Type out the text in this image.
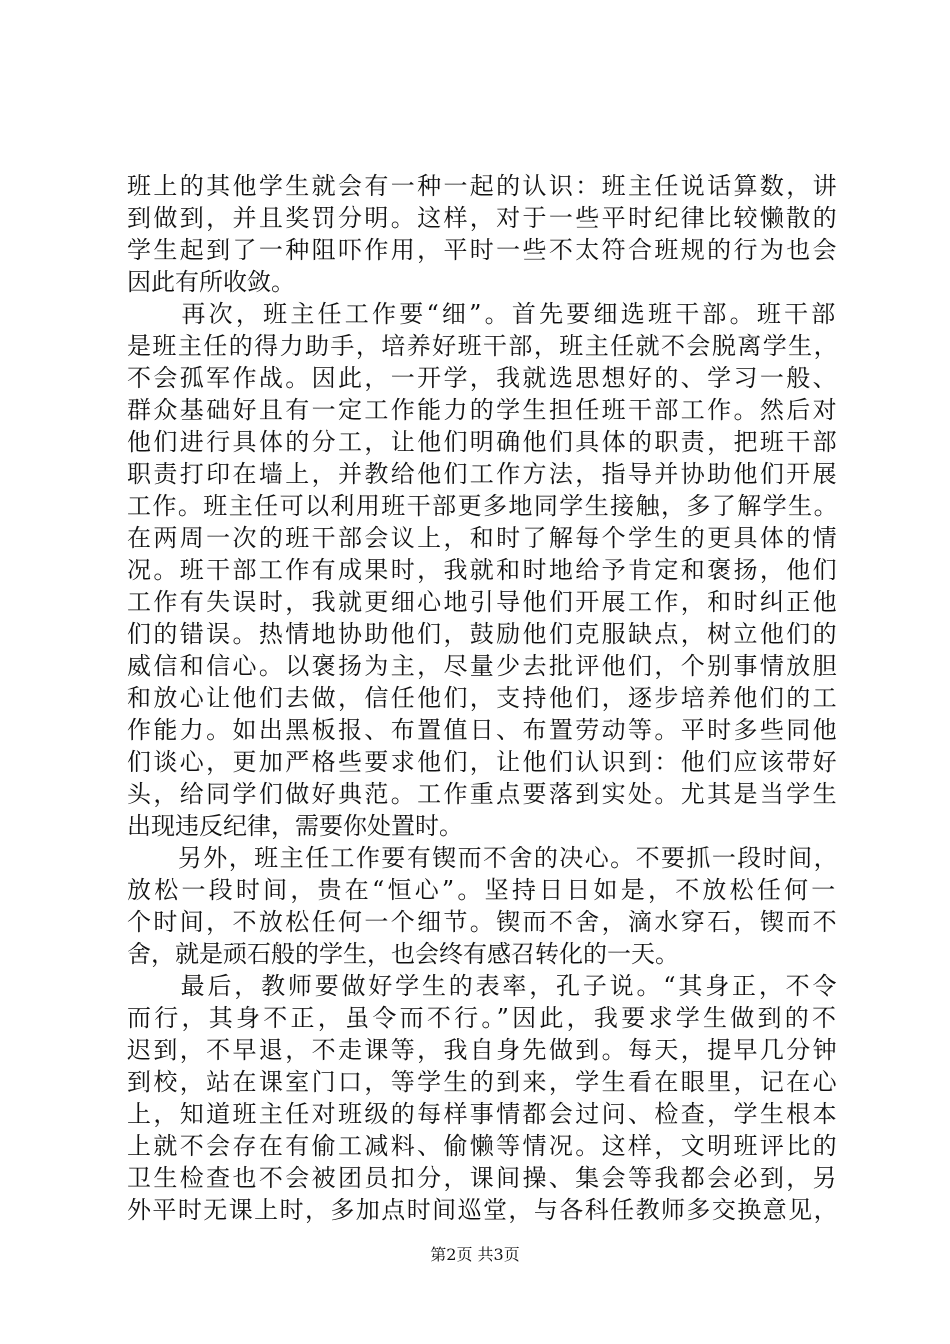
班上的其他学生就会有一种一起的认识：班主任说话算数，讲
到做到，并且奖罚分明。这样，对于一些平时纪律比较懒散的
学生起到了一种阻吓作用，平时一些不太符合班规的行为也会
因此有所收敛。
　　再次，班主任工作要“细”。首先要细选班干部。班干部
是班主任的得力助手，培养好班干部，班主任就不会脱离学生，
不会孤军作战。因此，一开学，我就选思想好的、学习一般、
群众基础好且有一定工作能力的学生担任班干部工作。然后对
他们进行具体的分工，让他们明确他们具体的职责，把班干部
职责打印在墙上，并教给他们工作方法，指导并协助他们开展
工作。班主任可以利用班干部更多地同学生接触，多了解学生。
在两周一次的班干部会议上，和时了解每个学生的更具体的情
况。班干部工作有成果时，我就和时地给予肯定和褒扬，他们
工作有失误时，我就更细心地引导他们开展工作，和时纠正他
们的错误。热情地协助他们，鼓励他们克服缺点，树立他们的
威信和信心。以褒扬为主，尽量少去批评他们，个别事情放胆
和放心让他们去做，信任他们，支持他们，逐步培养他们的工
作能力。如出黑板报、布置值日、布置劳动等。平时多些同他
们谈心，更加严格些要求他们，让他们认识到：他们应该带好
头，给同学们做好典范。工作重点要落到实处。尤其是当学生
出现违反纪律，需要你处置时。
　　另外，班主任工作要有锲而不舍的决心。不要抓一段时间，
放松一段时间，贵在“恒心”。坚持日日如是，不放松任何一
个时间，不放松任何一个细节。锲而不舍，滴水穿石，锲而不
舍，就是顽石般的学生，也会终有感召转化的一天。
　　最后，教师要做好学生的表率，孔子说。“其身正，不令
而行，其身不正，虽令而不行。”因此，我要求学生做到的不
迟到，不早退，不走课等，我自身先做到。每天，提早几分钟
到校，站在课室门口，等学生的到来，学生看在眼里，记在心
上，知道班主任对班级的每样事情都会过问、检查，学生根本
上就不会存在有偷工减料、偷懒等情况。这样，文明班评比的
卫生检查也不会被团员扣分，课间操、集会等我都会必到，另
外平时无课上时，多加点时间巡堂，与各科任教师多交换意见，
第2页 共3页
